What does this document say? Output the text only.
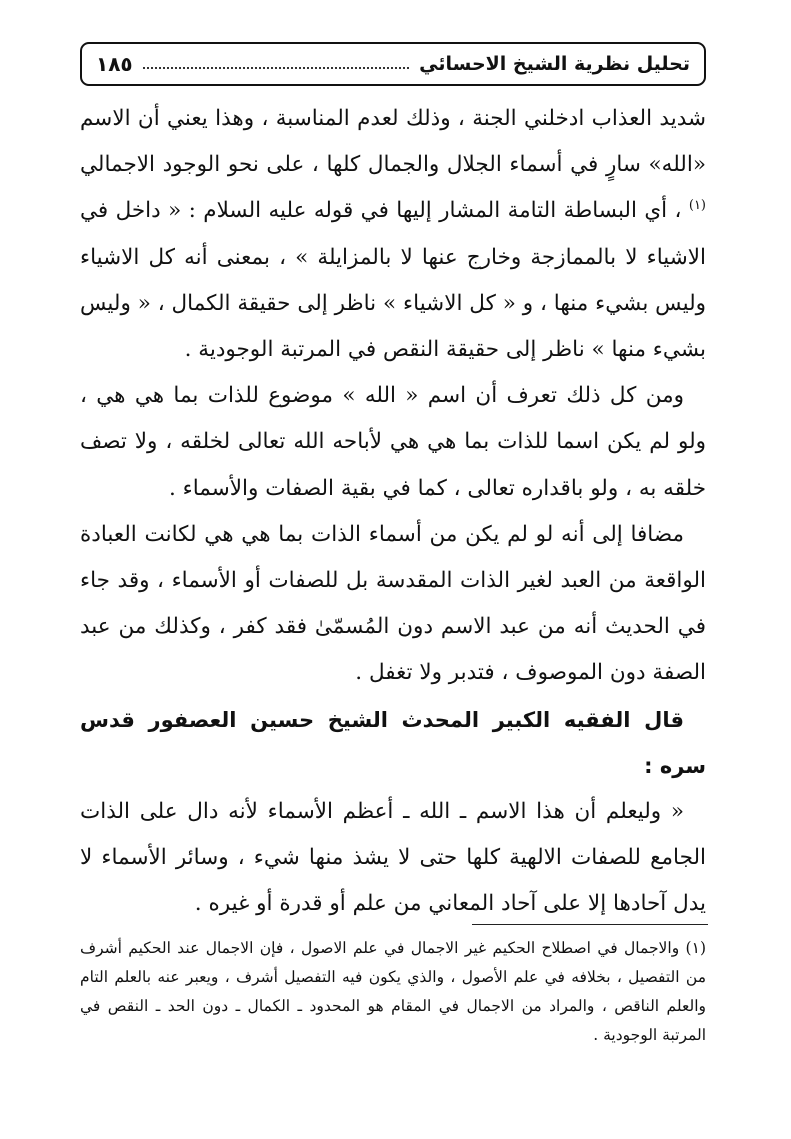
تحليل نظرية الشيخ الاحسائي
١٨٥

شديد العذاب ادخلني الجنة ، وذلك لعدم المناسبة ، وهذا يعني أن الاسم «الله» سارٍ في أسماء الجلال والجمال كلها ، على نحو الوجود الاجمالي $^{(١)}$ ، أي البساطة التامة المشار إليها في قوله عليه السلام : « داخل في الاشياء لا بالممازجة وخارج عنها لا بالمزايلة » ، بمعنى أنه كل الاشياء وليس بشيء منها ، و « كل الاشياء » ناظر إلى حقيقة الكمال ، « وليس بشيء منها » ناظر إلى حقيقة النقص في المرتبة الوجودية .

ومن كل ذلك تعرف أن اسم « الله » موضوع للذات بما هي هي ، ولو لم يكن اسما للذات بما هي هي لأباحه الله تعالى لخلقه ، ولا تصف خلقه به ، ولو باقداره تعالى ، كما في بقية الصفات والأسماء .

مضافا إلى أنه لو لم يكن من أسماء الذات بما هي هي لكانت العبادة الواقعة من العبد لغير الذات المقدسة بل للصفات أو الأسماء ، وقد جاء في الحديث أنه من عبد الاسم دون المُسمّىٰ فقد كفر ، وكذلك من عبد الصفة دون الموصوف ، فتدبر ولا تغفل .

قال الفقيه الكبير المحدث الشيخ حسين العصفور قدس سره :

« وليعلم أن هذا الاسم ـ الله ـ أعظم الأسماء لأنه دال على الذات الجامع للصفات الالهية كلها حتى لا يشذ منها شيء ، وسائر الأسماء لا يدل آحادها إلا على آحاد المعاني من علم أو قدرة أو غيره .

(١) والاجمال في اصطلاح الحكيم غير الاجمال في علم الاصول ، فإن الاجمال عند الحكيم أشرف من التفصيل ، بخلافه في علم الأصول ، والذي يكون فيه التفصيل أشرف ، ويعبر عنه بالعلم التام والعلم الناقص ، والمراد من الاجمال في المقام هو المحدود ـ الكمال ـ دون الحد ـ النقص في المرتبة الوجودية .
